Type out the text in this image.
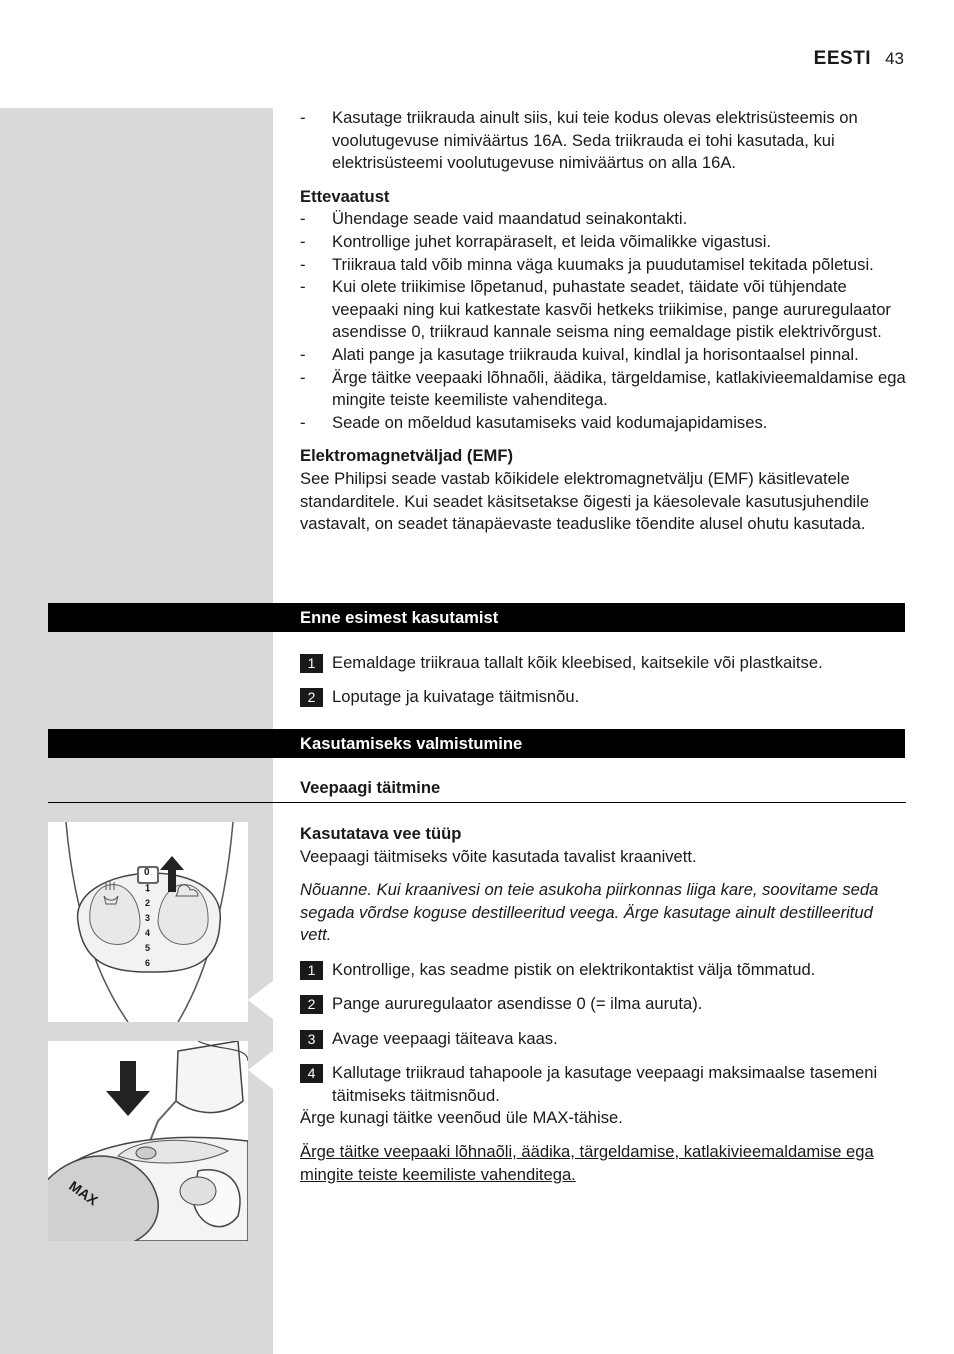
EESTI 43
- Kasutage triikrauda ainult siis, kui teie kodus olevas elektrisüsteemis on voolutugevuse nimiväärtus 16A. Seda triikrauda ei tohi kasutada, kui elektrisüsteemi voolutugevuse nimiväärtus on alla 16A.
Ettevaatust
- Ühendage seade vaid maandatud seinakontakti.
- Kontrollige juhet korrapäraselt, et leida võimalikke vigastusi.
- Triikraua tald võib minna väga kuumaks ja puudutamisel tekitada põletusi.
- Kui olete triikimise lõpetanud, puhastate seadet, täidate või tühjendate veepaaki ning kui katkestate kasvõi hetkeks triikimise, pange aururegulaator asendisse 0, triikraud kannale seisma ning eemaldage pistik elektrivõrgust.
- Alati pange ja kasutage triikrauda kuival, kindlal ja horisontaalsel pinnal.
- Ärge täitke veepaaki lõhnaõli, äädika, tärgeldamise, katlakivieemaldamise ega mingite teiste keemiliste vahenditega.
- Seade on mõeldud kasutamiseks vaid kodumajapidamises.
Elektromagnetväljad (EMF)
See Philipsi seade vastab kõikidele elektromagnetvälju (EMF) käsitlevatele standarditele. Kui seadet käsitsetakse õigesti ja käesolevale kasutusjuhendile vastavalt, on seadet tänapäevaste teaduslike tõendite alusel ohutu kasutada.
Enne esimest kasutamist
1	Eemaldage triikraua tallalt kõik kleebised, kaitsekile või plastkaitse.
2	Loputage ja kuivatage täitmisnõu.
Kasutamiseks valmistumine
Veepaagi täitmine
Kasutatava vee tüüp
Veepaagi täitmiseks võite kasutada tavalist kraanivett.
Nõuanne. Kui kraanivesi on teie asukoha piirkonnas liiga kare, soovitame seda segada võrdse koguse destilleeritud veega. Ärge kasutage ainult destilleeritud vett.
1	Kontrollige, kas seadme pistik on elektrikontaktist välja tõmmatud.
2	Pange aururegulaator asendisse 0 (= ilma auruta).
3	Avage veepaagi täiteava kaas.
4	Kallutage triikraud tahapoole ja kasutage veepaagi maksimaalse tasemeni täitmiseks täitmisnõud.
Ärge kunagi täitke veenõud üle MAX-tähise.
Ärge täitke veepaaki lõhnaõli, äädika, tärgeldamise, katlakivieemaldamise ega mingite teiste keemiliste vahenditega.
0
1
2
3
4
5
6
MAX
